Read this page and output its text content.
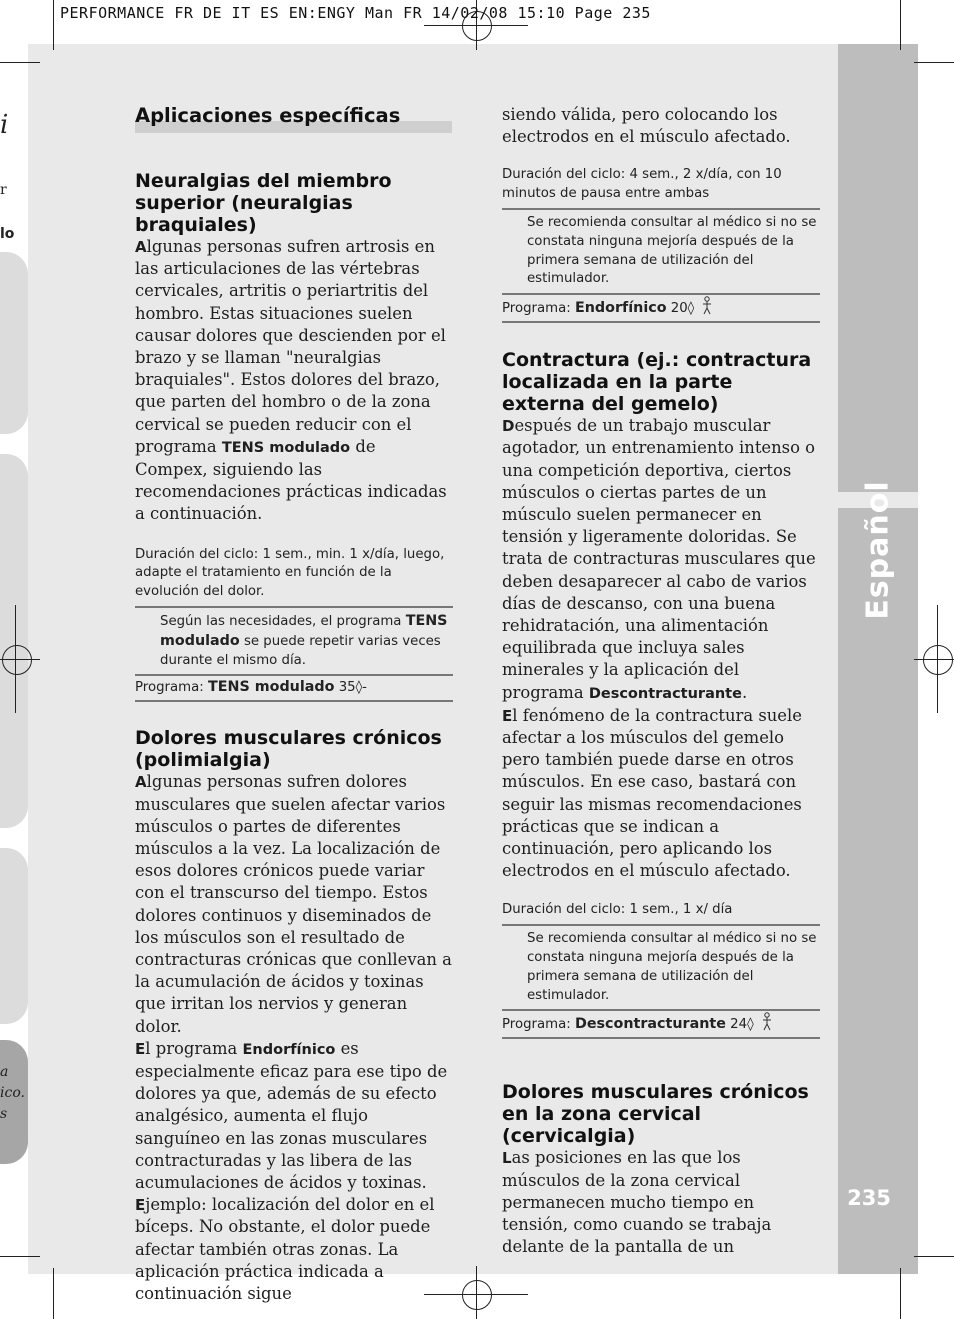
Español
235
i
r
lo
a
ico.
s
PERFORMANCE FR DE IT ES EN:ENGY Man FR 14/02/08 15:10 Page 235
Aplicaciones específicas
Neuralgias del miembro superior (neuralgias braquiales)

Algunas personas sufren artrosis en las articulaciones de las vértebras cervicales, artritis o periartritis del hombro. Estas situaciones suelen causar dolores que descienden por el brazo y se llaman "neuralgias braquiales". Estos dolores del brazo, que parten del hombro o de la zona cervical se pueden reducir con el programa TENS modulado de Compex, siguiendo las recomendaciones prácticas indicadas a continuación.

Duración del ciclo: 1 sem., min. 1 x/día, luego, adapte el tratamiento en función de la evolución del dolor.

Según las necesidades, el programa TENS modulado se puede repetir varias veces durante el mismo día.

Programa: TENS modulado 35◊-
Dolores musculares crónicos (polimialgia)

Algunas personas sufren dolores musculares que suelen afectar varios músculos o partes de diferentes músculos a la vez. La localización de esos dolores crónicos puede variar con el transcurso del tiempo. Estos dolores continuos y diseminados de los músculos son el resultado de contracturas crónicas que conllevan a la acumulación de ácidos y toxinas que irritan los nervios y generan dolor.

El programa Endorfínico es especialmente eficaz para ese tipo de dolores ya que, además de su efecto analgésico, aumenta el flujo sanguíneo en las zonas musculares contracturadas y las libera de las acumulaciones de ácidos y toxinas.

Ejemplo: localización del dolor en el bíceps. No obstante, el dolor puede afectar también otras zonas. La aplicación práctica indicada a continuación sigue

siendo válida, pero colocando los electrodos en el músculo afectado.

Duración del ciclo: 4 sem., 2 x/día, con 10 minutos de pausa entre ambas

Se recomienda consultar al médico si no se constata ninguna mejoría después de la primera semana de utilización del estimulador.

Programa: Endorfínico 20◊
Contractura (ej.: contractura localizada en la parte externa del gemelo)

Después de un trabajo muscular agotador, un entrenamiento intenso o una competición deportiva, ciertos músculos o ciertas partes de un músculo suelen permanecer en tensión y ligeramente doloridas. Se trata de contracturas musculares que deben desaparecer al cabo de varios días de descanso, con una buena rehidratación, una alimentación equilibrada que incluya sales minerales y la aplicación del programa Descontracturante.

El fenómeno de la contractura suele afectar a los músculos del gemelo pero también puede darse en otros músculos. En ese caso, bastará con seguir las mismas recomendaciones prácticas que se indican a continuación, pero aplicando los electrodos en el músculo afectado.

Duración del ciclo: 1 sem., 1 x/ día

Se recomienda consultar al médico si no se constata ninguna mejoría después de la primera semana de utilización del estimulador.

Programa: Descontracturante 24◊
Dolores musculares crónicos en la zona cervical (cervicalgia)

Las posiciones en las que los músculos de la zona cervical permanecen mucho tiempo en tensión, como cuando se trabaja delante de la pantalla de un
